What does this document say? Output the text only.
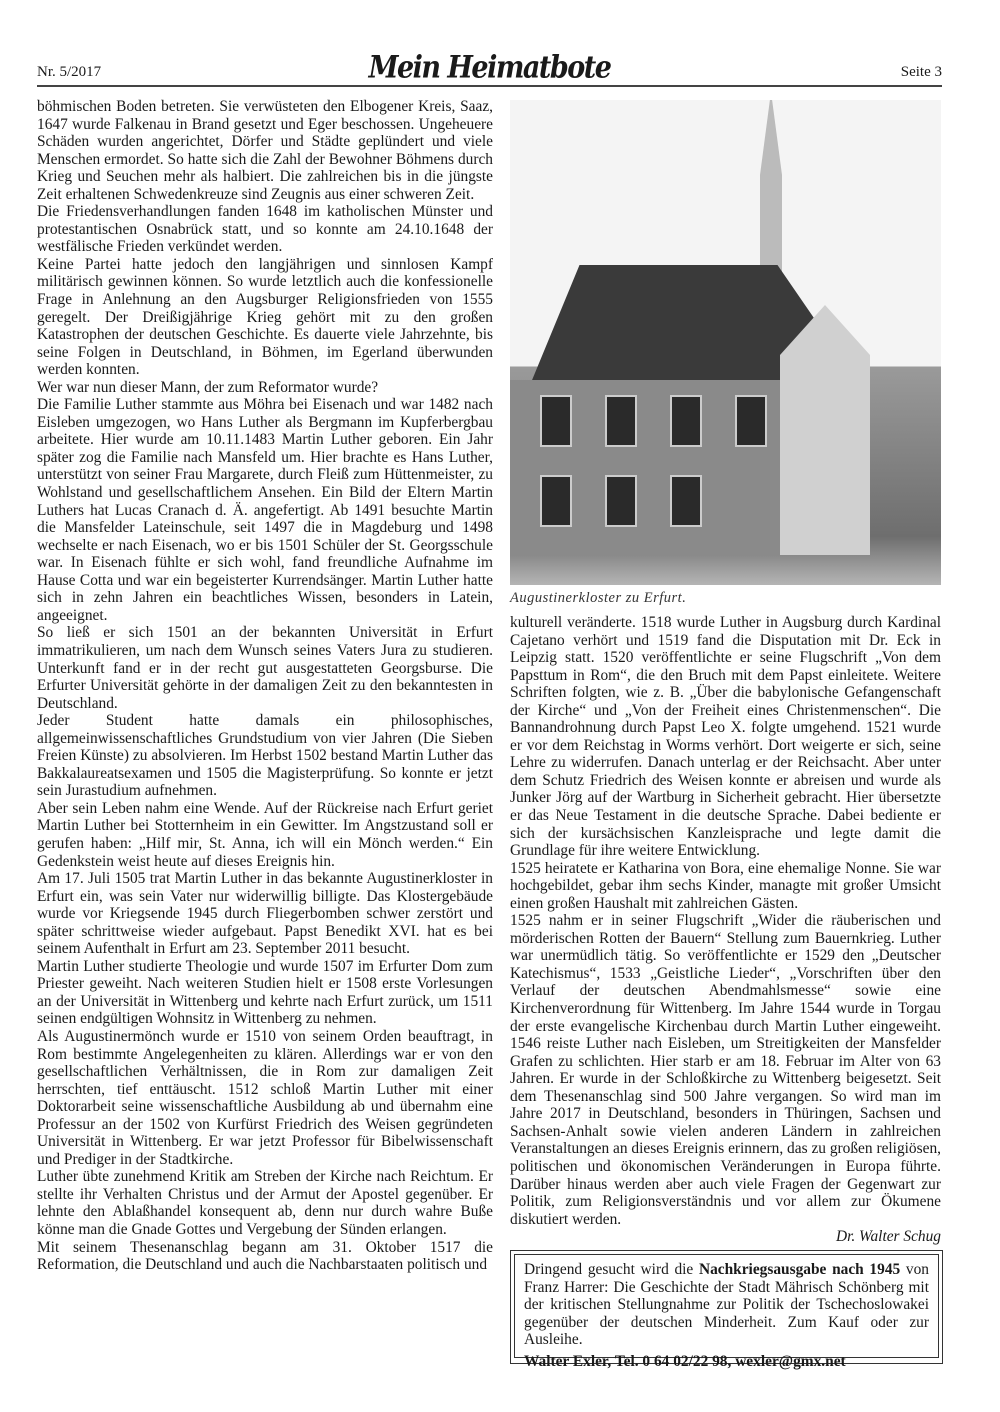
Nr. 5/2017	Mein Heimatbote	Seite 3

böhmischen Boden betreten. Sie verwüsteten den Elbogener Kreis, Saaz, 1647 wurde Falkenau in Brand gesetzt und Eger beschossen. Ungeheuere Schäden wurden angerichtet, Dörfer und Städte geplündert und viele Menschen ermordet. So hatte sich die Zahl der Bewohner Böhmens durch Krieg und Seuchen mehr als halbiert. Die zahlreichen bis in die jüngste Zeit erhaltenen Schwedenkreuze sind Zeugnis aus einer schweren Zeit.

Die Friedensverhandlungen fanden 1648 im katholischen Münster und protestantischen Osnabrück statt, und so konnte am 24.10.1648 der westfälische Frieden verkündet werden.

Keine Partei hatte jedoch den langjährigen und sinnlosen Kampf militärisch gewinnen können. So wurde letztlich auch die konfessionelle Frage in Anlehnung an den Augsburger Religionsfrieden von 1555 geregelt. Der Dreißigjährige Krieg gehört mit zu den großen Katastrophen der deutschen Geschichte. Es dauerte viele Jahrzehnte, bis seine Folgen in Deutschland, in Böhmen, im Egerland überwunden werden konnten.

Wer war nun dieser Mann, der zum Reformator wurde?

Die Familie Luther stammte aus Möhra bei Eisenach und war 1482 nach Eisleben umgezogen, wo Hans Luther als Bergmann im Kupferbergbau arbeitete. Hier wurde am 10.11.1483 Martin Luther geboren. Ein Jahr später zog die Familie nach Mansfeld um. Hier brachte es Hans Luther, unterstützt von seiner Frau Margarete, durch Fleiß zum Hüttenmeister, zu Wohlstand und gesellschaftlichem Ansehen. Ein Bild der Eltern Martin Luthers hat Lucas Cranach d. Ä. angefertigt. Ab 1491 besuchte Martin die Mansfelder Lateinschule, seit 1497 die in Magdeburg und 1498 wechselte er nach Eisenach, wo er bis 1501 Schüler der St. Georgsschule war. In Eisenach fühlte er sich wohl, fand freundliche Aufnahme im Hause Cotta und war ein begeisterter Kurrendsänger. Martin Luther hatte sich in zehn Jahren ein beachtliches Wissen, besonders in Latein, angeeignet.

So ließ er sich 1501 an der bekannten Universität in Erfurt immatrikulieren, um nach dem Wunsch seines Vaters Jura zu studieren. Unterkunft fand er in der recht gut ausgestatteten Georgsburse. Die Erfurter Universität gehörte in der damaligen Zeit zu den bekanntesten in Deutschland.

Jeder Student hatte damals ein philosophisches, allgemeinwissenschaftliches Grundstudium von vier Jahren (Die Sieben Freien Künste) zu absolvieren. Im Herbst 1502 bestand Martin Luther das Bakkalaureatsexamen und 1505 die Magisterprüfung. So konnte er jetzt sein Jurastudium aufnehmen.

Aber sein Leben nahm eine Wende. Auf der Rückreise nach Erfurt geriet Martin Luther bei Stotternheim in ein Gewitter. Im Angstzustand soll er gerufen haben: „Hilf mir, St. Anna, ich will ein Mönch werden.“ Ein Gedenkstein weist heute auf dieses Ereignis hin.

Am 17. Juli 1505 trat Martin Luther in das bekannte Augustinerkloster in Erfurt ein, was sein Vater nur widerwillig billigte. Das Klostergebäude wurde vor Kriegsende 1945 durch Fliegerbomben schwer zerstört und später schrittweise wieder aufgebaut. Papst Benedikt XVI. hat es bei seinem Aufenthalt in Erfurt am 23. September 2011 besucht.

Martin Luther studierte Theologie und wurde 1507 im Erfurter Dom zum Priester geweiht. Nach weiteren Studien hielt er 1508 erste Vorlesungen an der Universität in Wittenberg und kehrte nach Erfurt zurück, um 1511 seinen endgültigen Wohnsitz in Wittenberg zu nehmen.

Als Augustinermönch wurde er 1510 von seinem Orden beauftragt, in Rom bestimmte Angelegenheiten zu klären. Allerdings war er von den gesellschaftlichen Verhältnissen, die in Rom zur damaligen Zeit herrschten, tief enttäuscht. 1512 schloß Martin Luther mit einer Doktorarbeit seine wissenschaftliche Ausbildung ab und übernahm eine Professur an der 1502 von Kurfürst Friedrich des Weisen gegründeten Universität in Wittenberg. Er war jetzt Professor für Bibelwissenschaft und Prediger in der Stadtkirche.

Luther übte zunehmend Kritik am Streben der Kirche nach Reichtum. Er stellte ihr Verhalten Christus und der Armut der Apostel gegenüber. Er lehnte den Ablaßhandel konsequent ab, denn nur durch wahre Buße könne man die Gnade Gottes und Vergebung der Sünden erlangen.

Mit seinem Thesenanschlag begann am 31. Oktober 1517 die Reformation, die Deutschland und auch die Nachbarstaaten politisch und

Augustinerkloster zu Erfurt.

kulturell veränderte. 1518 wurde Luther in Augsburg durch Kardinal Cajetano verhört und 1519 fand die Disputation mit Dr. Eck in Leipzig statt. 1520 veröffentlichte er seine Flugschrift „Von dem Papsttum in Rom“, die den Bruch mit dem Papst einleitete. Weitere Schriften folgten, wie z. B. „Über die babylonische Gefangenschaft der Kirche“ und „Von der Freiheit eines Christenmenschen“. Die Bannandrohnung durch Papst Leo X. folgte umgehend. 1521 wurde er vor dem Reichstag in Worms verhört. Dort weigerte er sich, seine Lehre zu widerrufen. Danach unterlag er der Reichsacht. Aber unter dem Schutz Friedrich des Weisen konnte er abreisen und wurde als Junker Jörg auf der Wartburg in Sicherheit gebracht. Hier übersetzte er das Neue Testament in die deutsche Sprache. Dabei bediente er sich der kursächsischen Kanzleisprache und legte damit die Grundlage für ihre weitere Entwicklung.

1525 heiratete er Katharina von Bora, eine ehemalige Nonne. Sie war hochgebildet, gebar ihm sechs Kinder, managte mit großer Umsicht einen großen Haushalt mit zahlreichen Gästen.

1525 nahm er in seiner Flugschrift „Wider die räuberischen und mörderischen Rotten der Bauern“ Stellung zum Bauernkrieg. Luther war unermüdlich tätig. So veröffentlichte er 1529 den „Deutscher Katechismus“, 1533 „Geistliche Lieder“, „Vorschriften über den Verlauf der deutschen Abendmahlsmesse“ sowie eine Kirchenverordnung für Wittenberg. Im Jahre 1544 wurde in Torgau der erste evangelische Kirchenbau durch Martin Luther eingeweiht. 1546 reiste Luther nach Eisleben, um Streitigkeiten der Mansfelder Grafen zu schlichten. Hier starb er am 18. Februar im Alter von 63 Jahren. Er wurde in der Schloßkirche zu Wittenberg beigesetzt. Seit dem Thesenanschlag sind 500 Jahre vergangen. So wird man im Jahre 2017 in Deutschland, besonders in Thüringen, Sachsen und Sachsen-Anhalt sowie vielen anderen Ländern in zahlreichen Veranstaltungen an dieses Ereignis erinnern, das zu großen religiösen, politischen und ökonomischen Veränderungen in Europa führte. Darüber hinaus werden aber auch viele Fragen der Gegenwart zur Politik, zum Religionsverständnis und vor allem zur Ökumene diskutiert werden.

Dr. Walter Schug

Dringend gesucht wird die Nachkriegsausgabe nach 1945 von Franz Harrer: Die Geschichte der Stadt Mährisch Schönberg mit der kritischen Stellungnahme zur Politik der Tschechoslowakei gegenüber der deutschen Minderheit. Zum Kauf oder zur Ausleihe.
Walter Exler, Tel. 0 64 02/22 98, wexler@gmx.net
